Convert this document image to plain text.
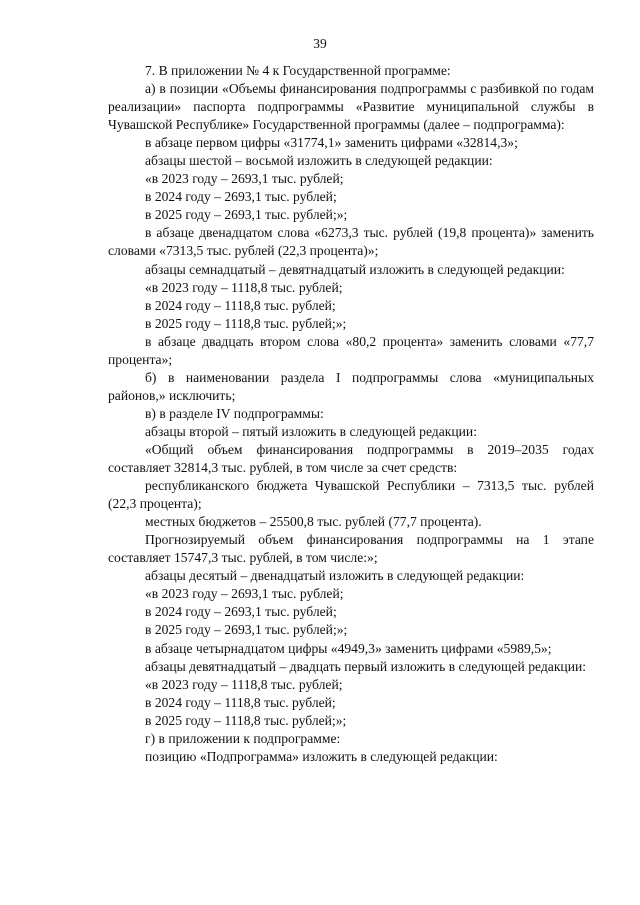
39

7. В приложении № 4 к Государственной программе:

а) в позиции «Объемы финансирования подпрограммы с разбивкой по годам реализации» паспорта подпрограммы «Развитие муниципальной службы в Чувашской Республике» Государственной программы (далее – подпрограмма):

в абзаце первом цифры «31774,1» заменить цифрами «32814,3»;

абзацы шестой – восьмой изложить в следующей редакции:

«в 2023 году – 2693,1 тыс. рублей;

в 2024 году – 2693,1 тыс. рублей;

в 2025 году – 2693,1 тыс. рублей;»;

в абзаце двенадцатом слова «6273,3 тыс. рублей (19,8 процента)» заменить словами «7313,5 тыс. рублей (22,3 процента)»;

абзацы семнадцатый – девятнадцатый изложить в следующей редакции:

«в 2023 году – 1118,8 тыс. рублей;

в 2024 году – 1118,8 тыс. рублей;

в 2025 году – 1118,8 тыс. рублей;»;

в абзаце двадцать втором слова «80,2 процента» заменить словами «77,7 процента»;

б) в наименовании раздела I подпрограммы слова «муниципальных районов,» исключить;

в) в разделе IV подпрограммы:

абзацы второй – пятый изложить в следующей редакции:

«Общий объем финансирования подпрограммы в 2019–2035 годах составляет 32814,3 тыс. рублей, в том числе за счет средств:

республиканского бюджета Чувашской Республики – 7313,5 тыс. рублей (22,3 процента);

местных бюджетов – 25500,8 тыс. рублей (77,7 процента).

Прогнозируемый объем финансирования подпрограммы на 1 этапе составляет 15747,3 тыс. рублей, в том числе:»;

абзацы десятый – двенадцатый изложить в следующей редакции:

«в 2023 году – 2693,1 тыс. рублей;

в 2024 году – 2693,1 тыс. рублей;

в 2025 году – 2693,1 тыс. рублей;»;

в абзаце четырнадцатом цифры «4949,3» заменить цифрами «5989,5»;

абзацы девятнадцатый – двадцать первый изложить в следующей редакции:

«в 2023 году – 1118,8 тыс. рублей;

в 2024 году – 1118,8 тыс. рублей;

в 2025 году – 1118,8 тыс. рублей;»;

г) в приложении к подпрограмме:

позицию «Подпрограмма» изложить в следующей редакции:
